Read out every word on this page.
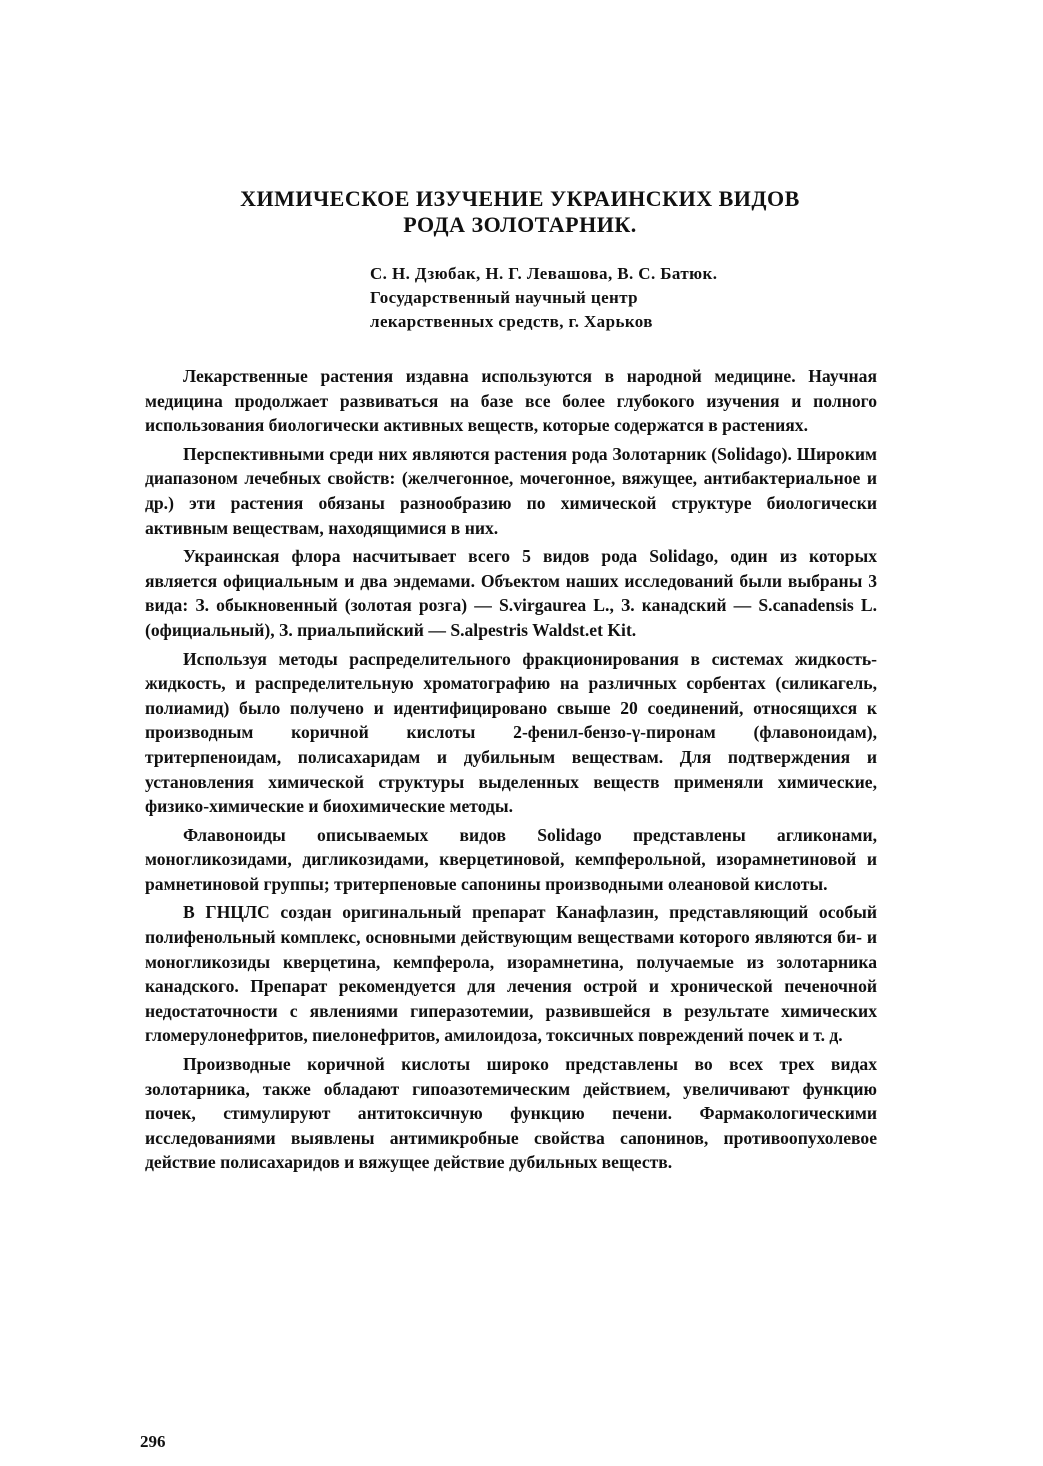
ХИМИЧЕСКОЕ ИЗУЧЕНИЕ УКРАИНСКИХ ВИДОВ
РОДА ЗОЛОТАРНИК.
С. Н. Дзюбак, Н. Г. Левашова, В. С. Батюк.
Государственный научный центр
лекарственных средств, г. Харьков

Лекарственные растения издавна используются в народной медицине. Научная медицина продолжает развиваться на базе все более глубокого изучения и полного использования биологически активных веществ, которые содержатся в растениях.

Перспективными среди них являются растения рода Золотарник (Solidago). Широким диапазоном лечебных свойств: (желчегонное, мочегонное, вяжущее, антибактериальное и др.) эти растения обязаны разнообразию по химической структуре биологически активным веществам, находящимися в них.

Украинская флора насчитывает всего 5 видов рода Solidago, один из которых является официальным и два эндемами. Объектом наших исследований были выбраны 3 вида: З. обыкновенный (золотая розга) — S.virgaurea L., З. канадский — S.canadensis L. (официальный), З. приальпийский — S.alpestris Waldst.et Kit.

Используя методы распределительного фракционирования в системах жидкость-жидкость, и распределительную хроматографию на различных сорбентах (силикагель, полиамид) было получено и идентифицировано свыше 20 соединений, относящихся к производным коричной кислоты 2-фенил-бензо-γ-пиронам (флавоноидам), тритерпеноидам, полисахаридам и дубильным веществам. Для подтверждения и установления химической структуры выделенных веществ применяли химические, физико-химические и биохимические методы.

Флавоноиды описываемых видов Solidago представлены агликонами, моногликозидами, дигликозидами, кверцетиновой, кемпферольной, изорамнетиновой и рамнетиновой группы; тритерпеновые сапонины производными олеановой кислоты.

В ГНЦЛС создан оригинальный препарат Канафлазин, представляющий особый полифенольный комплекс, основными действующим веществами которого являются би- и моногликозиды кверцетина, кемпферола, изорамнетина, получаемые из золотарника канадского. Препарат рекомендуется для лечения острой и хронической печеночной недостаточности с явлениями гиперазотемии, развившейся в результате химических гломерулонефритов, пиелонефритов, амилоидоза, токсичных повреждений почек и т. д.

Производные коричной кислоты широко представлены во всех трех видах золотарника, также обладают гипоазотемическим действием, увеличивают функцию почек, стимулируют антитоксичную функцию печени. Фармакологическими исследованиями выявлены антимикробные свойства сапонинов, противоопухолевое действие полисахаридов и вяжущее действие дубильных веществ.

296
